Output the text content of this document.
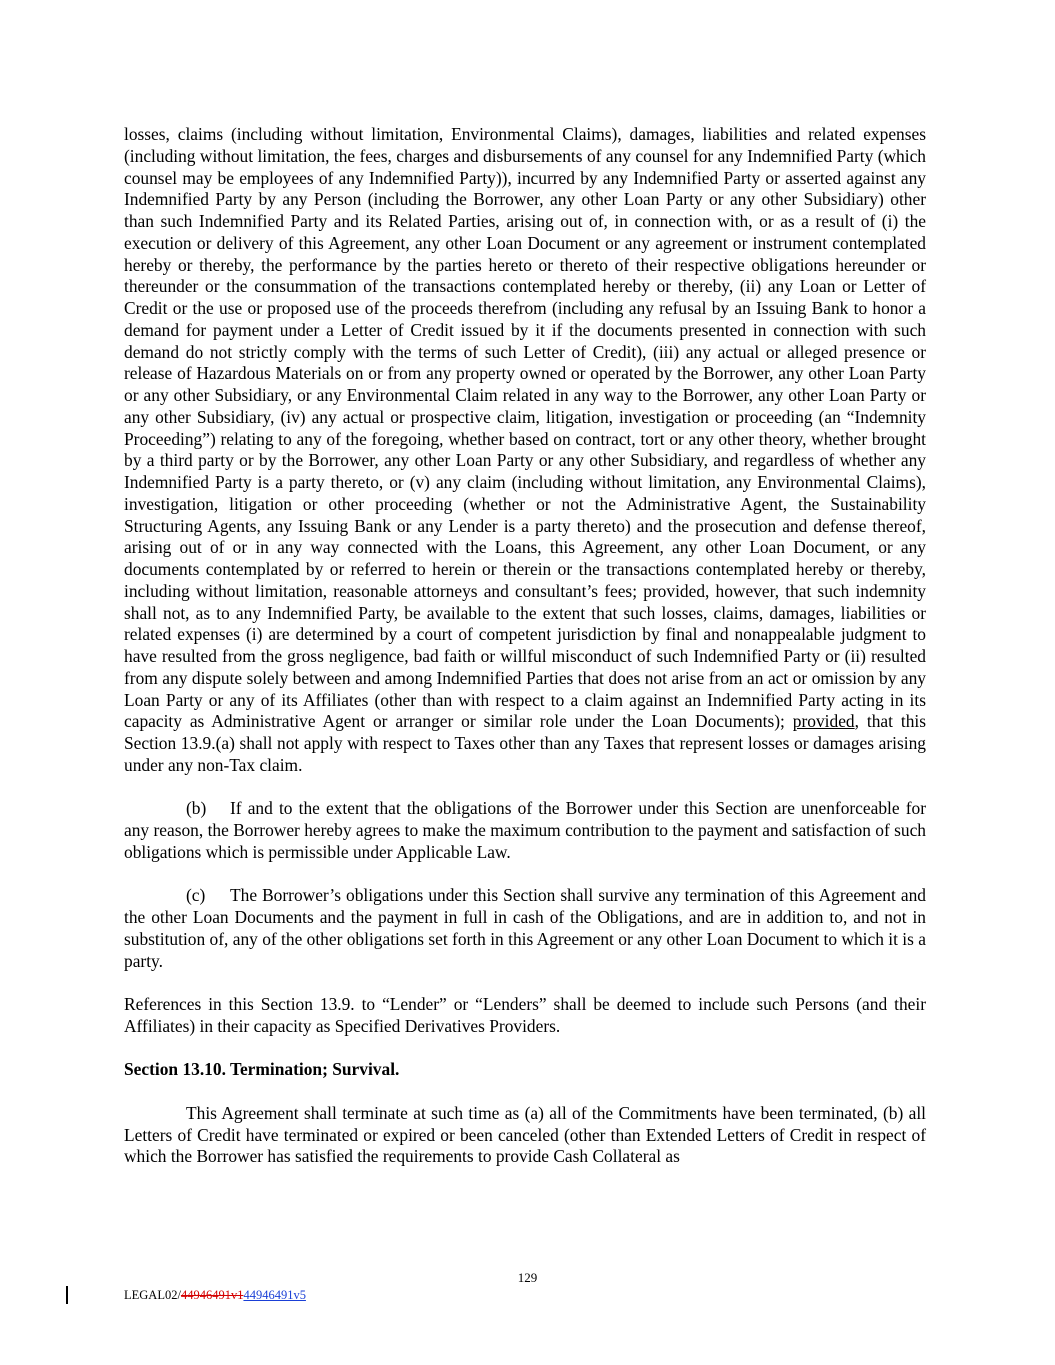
losses, claims (including without limitation, Environmental Claims), damages, liabilities and related expenses (including without limitation, the fees, charges and disbursements of any counsel for any Indemnified Party (which counsel may be employees of any Indemnified Party)), incurred by any Indemnified Party or asserted against any Indemnified Party by any Person (including the Borrower, any other Loan Party or any other Subsidiary) other than such Indemnified Party and its Related Parties, arising out of, in connection with, or as a result of (i) the execution or delivery of this Agreement, any other Loan Document or any agreement or instrument contemplated hereby or thereby, the performance by the parties hereto or thereto of their respective obligations hereunder or thereunder or the consummation of the transactions contemplated hereby or thereby, (ii) any Loan or Letter of Credit or the use or proposed use of the proceeds therefrom (including any refusal by an Issuing Bank to honor a demand for payment under a Letter of Credit issued by it if the documents presented in connection with such demand do not strictly comply with the terms of such Letter of Credit), (iii) any actual or alleged presence or release of Hazardous Materials on or from any property owned or operated by the Borrower, any other Loan Party or any other Subsidiary, or any Environmental Claim related in any way to the Borrower, any other Loan Party or any other Subsidiary, (iv) any actual or prospective claim, litigation, investigation or proceeding (an “Indemnity Proceeding”) relating to any of the foregoing, whether based on contract, tort or any other theory, whether brought by a third party or by the Borrower, any other Loan Party or any other Subsidiary, and regardless of whether any Indemnified Party is a party thereto, or (v) any claim (including without limitation, any Environmental Claims), investigation, litigation or other proceeding (whether or not the Administrative Agent, the Sustainability Structuring Agents, any Issuing Bank or any Lender is a party thereto) and the prosecution and defense thereof, arising out of or in any way connected with the Loans, this Agreement, any other Loan Document, or any documents contemplated by or referred to herein or therein or the transactions contemplated hereby or thereby, including without limitation, reasonable attorneys and consultant’s fees; provided, however, that such indemnity shall not, as to any Indemnified Party, be available to the extent that such losses, claims, damages, liabilities or related expenses (i) are determined by a court of competent jurisdiction by final and nonappealable judgment to have resulted from the gross negligence, bad faith or willful misconduct of such Indemnified Party or (ii) resulted from any dispute solely between and among Indemnified Parties that does not arise from an act or omission by any Loan Party or any of its Affiliates (other than with respect to a claim against an Indemnified Party acting in its capacity as Administrative Agent or arranger or similar role under the Loan Documents); provided, that this Section 13.9.(a) shall not apply with respect to Taxes other than any Taxes that represent losses or damages arising under any non-Tax claim.

(b) If and to the extent that the obligations of the Borrower under this Section are unenforceable for any reason, the Borrower hereby agrees to make the maximum contribution to the payment and satisfaction of such obligations which is permissible under Applicable Law.

(c) The Borrower’s obligations under this Section shall survive any termination of this Agreement and the other Loan Documents and the payment in full in cash of the Obligations, and are in addition to, and not in substitution of, any of the other obligations set forth in this Agreement or any other Loan Document to which it is a party.

References in this Section 13.9. to “Lender” or “Lenders” shall be deemed to include such Persons (and their Affiliates) in their capacity as Specified Derivatives Providers.

Section 13.10. Termination; Survival.

This Agreement shall terminate at such time as (a) all of the Commitments have been terminated, (b) all Letters of Credit have terminated or expired or been canceled (other than Extended Letters of Credit in respect of which the Borrower has satisfied the requirements to provide Cash Collateral as

129
LEGAL02/44946491v144946491v5
